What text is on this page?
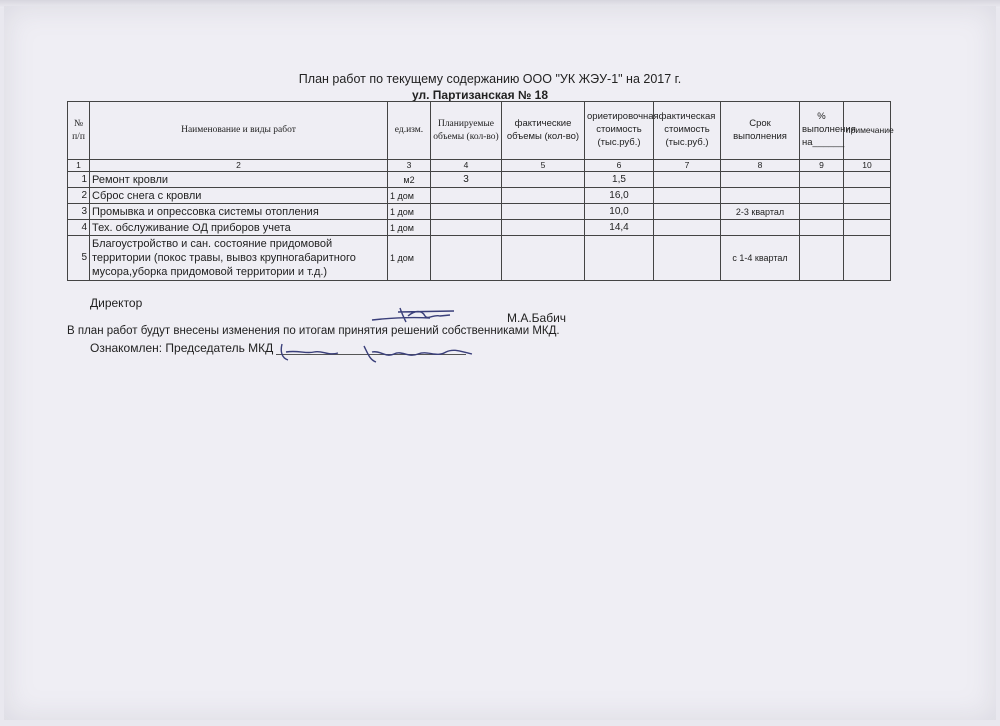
План работ по текущему содержанию ООО "УК ЖЭУ-1" на 2017 г.
ул. Партизанская № 18
№ п/п	Наименование и виды работ	ед.изм.	Планируемые объемы (кол-во)	фактические объемы (кол-во)	ориетировочная стоимость (тыс.руб.)	фактическая стоимость (тыс.руб.)	Срок выполнения	% выполнения на______	примечание
1	2	3	4	5	6	7	8	9	10
1	Ремонт кровли	м2	3		1,5				
2	Сброс снега с кровли	1 дом			16,0				
3	Промывка и опрессовка системы отопления	1 дом			10,0		2-3 квартал		
4	Тех. обслуживание ОД приборов учета	1 дом			14,4				
5	Благоустройство и сан. состояние придомовой территории (покос травы, вывоз крупногабаритного мусора,уборка придомовой территории и т.д.)	1 дом					с 1-4 квартал		
Директор
М.А.Бабич
В план работ будут внесены изменения по итогам принятия решений собственниками МКД.
Ознакомлен: Председатель МКД
